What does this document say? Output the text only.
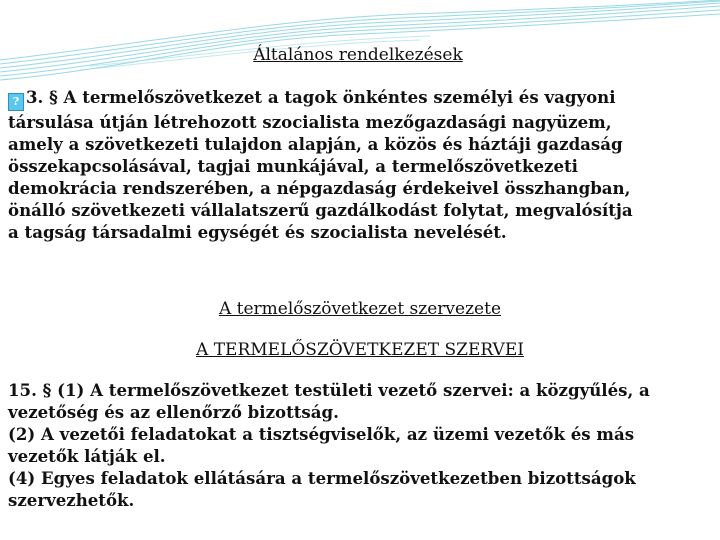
Általános rendelkezések
? 3. § A termelőszövetkezet a tagok önkéntes személyi és vagyoni
társulása útján létrehozott szocialista mezőgazdasági nagyüzem,
amely a szövetkezeti tulajdon alapján, a közös és háztáji gazdaság
összekapcsolásával, tagjai munkájával, a termelőszövetkezeti
demokrácia rendszerében, a népgazdaság érdekeivel összhangban,
önálló szövetkezeti vállalatszerű gazdálkodást folytat, megvalósítja
a tagság társadalmi egységét és szocialista nevelését.
A termelőszövetkezet szervezete
A TERMELŐSZÖVETKEZET SZERVEI
15. § (1) A termelőszövetkezet testületi vezető szervei: a közgyűlés, a
vezetőség és az ellenőrző bizottság.
(2) A vezetői feladatokat a tisztségviselők, az üzemi vezetők és más
vezetők látják el.
(4) Egyes feladatok ellátására a termelőszövetkezetben bizottságok
szervezhetők.
